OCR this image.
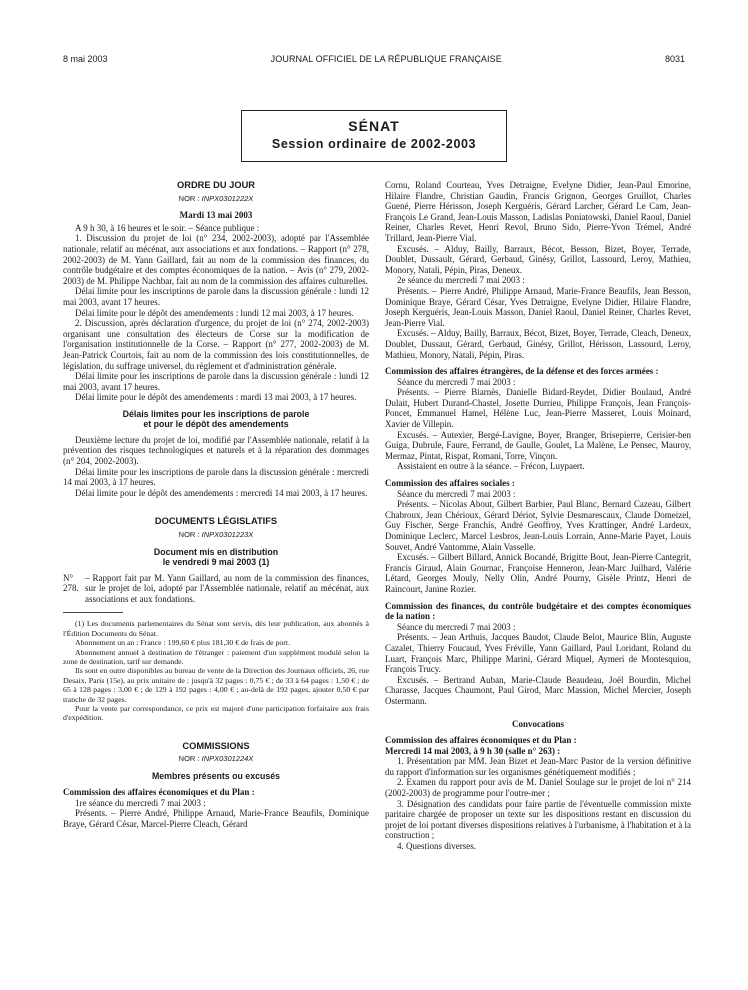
8 mai 2003	JOURNAL OFFICIEL DE LA RÉPUBLIQUE FRANÇAISE	8031
SÉNAT
Session ordinaire de 2002-2003
ORDRE DU JOUR
NOR : INPX0301222X
Mardi 13 mai 2003

A 9 h 30, à 16 heures et le soir. – Séance publique :

1. Discussion du projet de loi (n° 234, 2002-2003), adopté par l'Assemblée nationale, relatif au mécénat, aux associations et aux fondations. – Rapport (n° 278, 2002-2003) de M. Yann Gaillard, fait au nom de la commission des finances, du contrôle budgétaire et des comptes économiques de la nation. – Avis (n° 279, 2002-2003) de M. Philippe Nachbar, fait au nom de la commission des affaires culturelles.

Délai limite pour les inscriptions de parole dans la discussion générale : lundi 12 mai 2003, avant 17 heures.

Délai limite pour le dépôt des amendements : lundi 12 mai 2003, à 17 heures.

2. Discussion, après déclaration d'urgence, du projet de loi (n° 274, 2002-2003) organisant une consultation des électeurs de Corse sur la modification de l'organisation institutionnelle de la Corse. – Rapport (n° 277, 2002-2003) de M. Jean-Patrick Courtois, fait au nom de la commission des lois constitutionnelles, de législation, du suffrage universel, du règlement et d'administration générale.

Délai limite pour les inscriptions de parole dans la discussion générale : lundi 12 mai 2003, avant 17 heures.

Délai limite pour le dépôt des amendements : mardi 13 mai 2003, à 17 heures.

Délais limites pour les inscriptions de parole
et pour le dépôt des amendements

Deuxième lecture du projet de loi, modifié par l'Assemblée nationale, relatif à la prévention des risques technologiques et naturels et à la réparation des dommages (n° 204, 2002-2003).

Délai limite pour les inscriptions de parole dans la discussion générale : mercredi 14 mai 2003, à 17 heures.

Délai limite pour le dépôt des amendements : mercredi 14 mai 2003, à 17 heures.

DOCUMENTS LÉGISLATIFS
NOR : INPX0301223X
Document mis en distribution
le vendredi 9 mai 2003 (1)
N° 278.
– Rapport fait par M. Yann Gaillard, au nom de la commission des finances, sur le projet de loi, adopté par l'Assemblée nationale, relatif au mécénat, aux associations et aux fondations.

(1) Les documents parlementaires du Sénat sont servis, dès leur publication, aux abonnés à l'Édition Documents du Sénat.

Abonnement un an : France : 199,60 € plus 181,30 € de frais de port.

Abonnement annuel à destination de l'étranger : paiement d'un supplément modulé selon la zone de destination, tarif sur demande.

Ils sont en outre disponibles au bureau de vente de la Direction des Journaux officiels, 26, rue Desaix, Paris (15e), au prix unitaire de : jusqu'à 32 pages : 0,75 € ; de 33 à 64 pages : 1,50 € ; de 65 à 128 pages : 3,00 € ; de 129 à 192 pages : 4,00 € ; au-delà de 192 pages, ajouter 0,50 € par tranche de 32 pages.

Pour la vente par correspondance, ce prix est majoré d'une participation forfaitaire aux frais d'expédition.

COMMISSIONS
NOR : INPX0301224X
Membres présents ou excusés

Commission des affaires économiques et du Plan :

1re séance du mercredi 7 mai 2003 :

Présents. – Pierre André, Philippe Arnaud, Marie-France Beaufils, Dominique Braye, Gérard César, Marcel-Pierre Cleach, Gérard

Cornu, Roland Courteau, Yves Detraigne, Evelyne Didier, Jean-Paul Emorine, Hilaire Flandre, Christian Gaudin, Francis Grignon, Georges Gruillot, Charles Guené, Pierre Hérisson, Joseph Kerguéris, Gérard Larcher, Gérard Le Cam, Jean-François Le Grand, Jean-Louis Masson, Ladislas Poniatowski, Daniel Raoul, Daniel Reiner, Charles Revet, Henri Revol, Bruno Sido, Pierre-Yvon Trémel, André Trillard, Jean-Pierre Vial.

Excusés. – Alduy, Bailly, Barraux, Bécot, Besson, Bizet, Boyer, Terrade, Doublet, Dussault, Gérard, Gerbaud, Ginésy, Grillot, Lassourd, Leroy, Mathieu, Monory, Natali, Pépin, Piras, Deneux.

2e séance du mercredi 7 mai 2003 :

Présents. – Pierre André, Philippe Arnaud, Marie-France Beaufils, Jean Besson, Dominique Braye, Gérard César, Yves Detraigne, Evelyne Didier, Hilaire Flandre, Joseph Kerguéris, Jean-Louis Masson, Daniel Raoul, Daniel Reiner, Charles Revet, Jean-Pierre Vial.

Excusés. – Alduy, Bailly, Barraux, Bécot, Bizet, Boyer, Terrade, Cleach, Deneux, Doublet, Dussaut, Gérard, Gerbaud, Ginésy, Grillot, Hérisson, Lassourd, Leroy, Mathieu, Monory, Natali, Pépin, Piras.

Commission des affaires étrangères, de la défense et des forces armées :

Séance du mercredi 7 mai 2003 :

Présents. – Pierre Biarnès, Danielle Bidard-Reydet, Didier Boulaud, André Dulait, Hubert Durand-Chastel, Josette Durrieu, Philippe François, Jean François-Poncet, Emmanuel Hamel, Hélène Luc, Jean-Pierre Masseret, Louis Moinard, Xavier de Villepin.

Excusés. – Autexier, Bergé-Lavigne, Boyer, Branger, Brisepierre, Cerisier-ben Guiga, Dubrule, Faure, Ferrand, de Gaulle, Goulet, La Malène, Le Pensec, Mauroy, Mermaz, Pintat, Rispat, Romani, Torre, Vinçon.

Assistaient en outre à la séance. – Frécon, Luypaert.

Commission des affaires sociales :

Séance du mercredi 7 mai 2003 :

Présents. – Nicolas About, Gilbert Barbier, Paul Blanc, Bernard Cazeau, Gilbert Chabroux, Jean Chérioux, Gérard Dériot, Sylvie Desmarescaux, Claude Domeizel, Guy Fischer, Serge Franchis, André Geoffroy, Yves Krattinger, André Lardeux, Dominique Leclerc, Marcel Lesbros, Jean-Louis Lorrain, Anne-Marie Payet, Louis Souvet, André Vantomme, Alain Vasselle.

Excusés. – Gilbert Billard, Annick Bocandé, Brigitte Bout, Jean-Pierre Cantegrit, Francis Giraud, Alain Gournac, Françoise Henneron, Jean-Marc Juilhard, Valérie Létard, Georges Mouly, Nelly Olin, André Pourny, Gisèle Printz, Henri de Raincourt, Janine Rozier.

Commission des finances, du contrôle budgétaire et des comptes économiques de la nation :

Séance du mercredi 7 mai 2003 :

Présents. – Jean Arthuis, Jacques Baudot, Claude Belot, Maurice Blin, Auguste Cazalet, Thierry Foucaud, Yves Fréville, Yann Gaillard, Paul Loridant, Roland du Luart, François Marc, Philippe Marini, Gérard Miquel, Aymeri de Montesquiou, François Trucy.

Excusés. – Bertrand Auban, Marie-Claude Beaudeau, Joël Bourdin, Michel Charasse, Jacques Chaumont, Paul Girod, Marc Massion, Michel Mercier, Joseph Ostermann.

Convocations

Commission des affaires économiques et du Plan :

Mercredi 14 mai 2003, à 9 h 30 (salle n° 263) :

1. Présentation par MM. Jean Bizet et Jean-Marc Pastor de la version définitive du rapport d'information sur les organismes génétiquement modifiés ;

2. Examen du rapport pour avis de M. Daniel Soulage sur le projet de loi n° 214 (2002-2003) de programme pour l'outre-mer ;

3. Désignation des candidats pour faire partie de l'éventuelle commission mixte paritaire chargée de proposer un texte sur les dispositions restant en discussion du projet de loi portant diverses dispositions relatives à l'urbanisme, à l'habitation et à la construction ;

4. Questions diverses.
